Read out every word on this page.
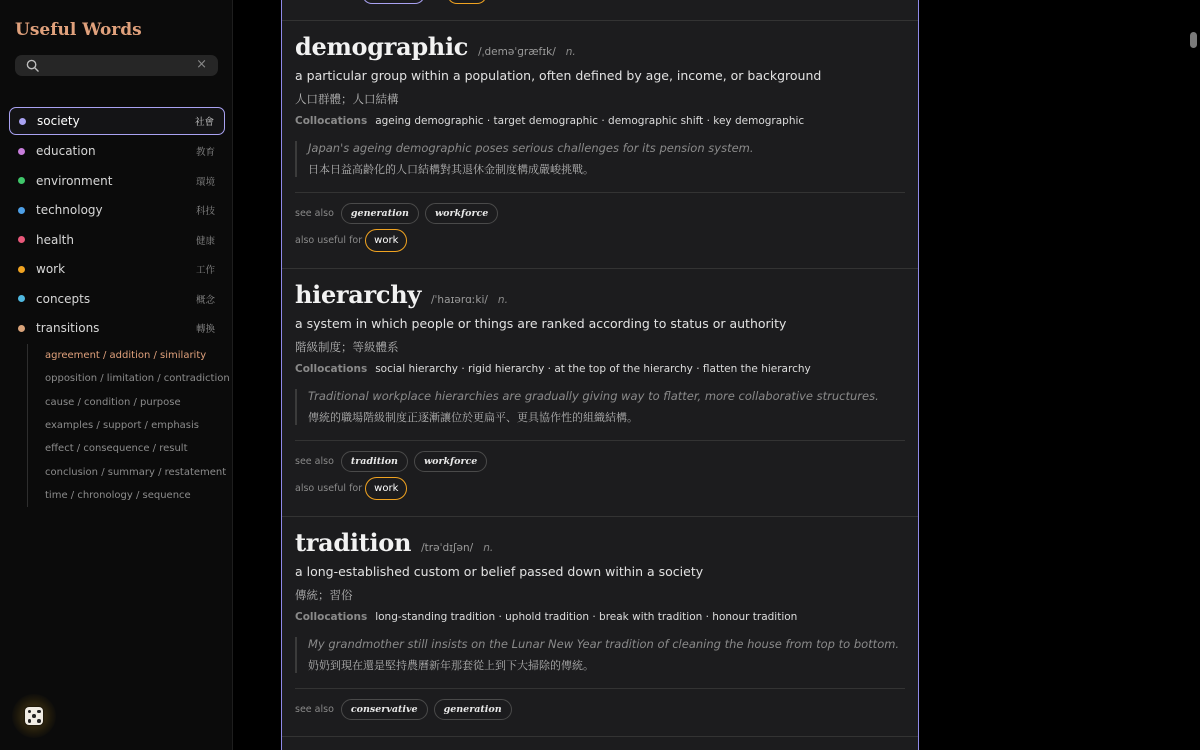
Useful Words
×
society	社會
education	教育
environment	環境
technology	科技
health	健康
work	工作
concepts	概念
transitions	轉換
agreement / addition / similarity
opposition / limitation / contradiction
cause / condition / purpose
examples / support / emphasis
effect / consequence / result
conclusion / summary / restatement
time / chronology / sequence
demographic /ˌdeməˈɡræfɪk/ n.
a particular group within a population, often defined by age, income, or background
人口群體；人口結構
Collocations ageing demographic · target demographic · demographic shift · key demographic
Japan's ageing demographic poses serious challenges for its pension system.
日本日益高齡化的人口結構對其退休金制度構成嚴峻挑戰。
see also	generation	workforce
also useful for	work
hierarchy /ˈhaɪərɑːki/ n.
a system in which people or things are ranked according to status or authority
階級制度；等級體系
Collocations social hierarchy · rigid hierarchy · at the top of the hierarchy · flatten the hierarchy
Traditional workplace hierarchies are gradually giving way to flatter, more collaborative structures.
傳統的職場階級制度正逐漸讓位於更扁平、更具協作性的組織結構。
see also	tradition	workforce
also useful for	work
tradition /trəˈdɪʃən/ n.
a long-established custom or belief passed down within a society
傳統；習俗
Collocations long-standing tradition · uphold tradition · break with tradition · honour tradition
My grandmother still insists on the Lunar New Year tradition of cleaning the house from top to bottom.
奶奶到現在還是堅持農曆新年那套從上到下大掃除的傳統。
see also	conservative	generation
